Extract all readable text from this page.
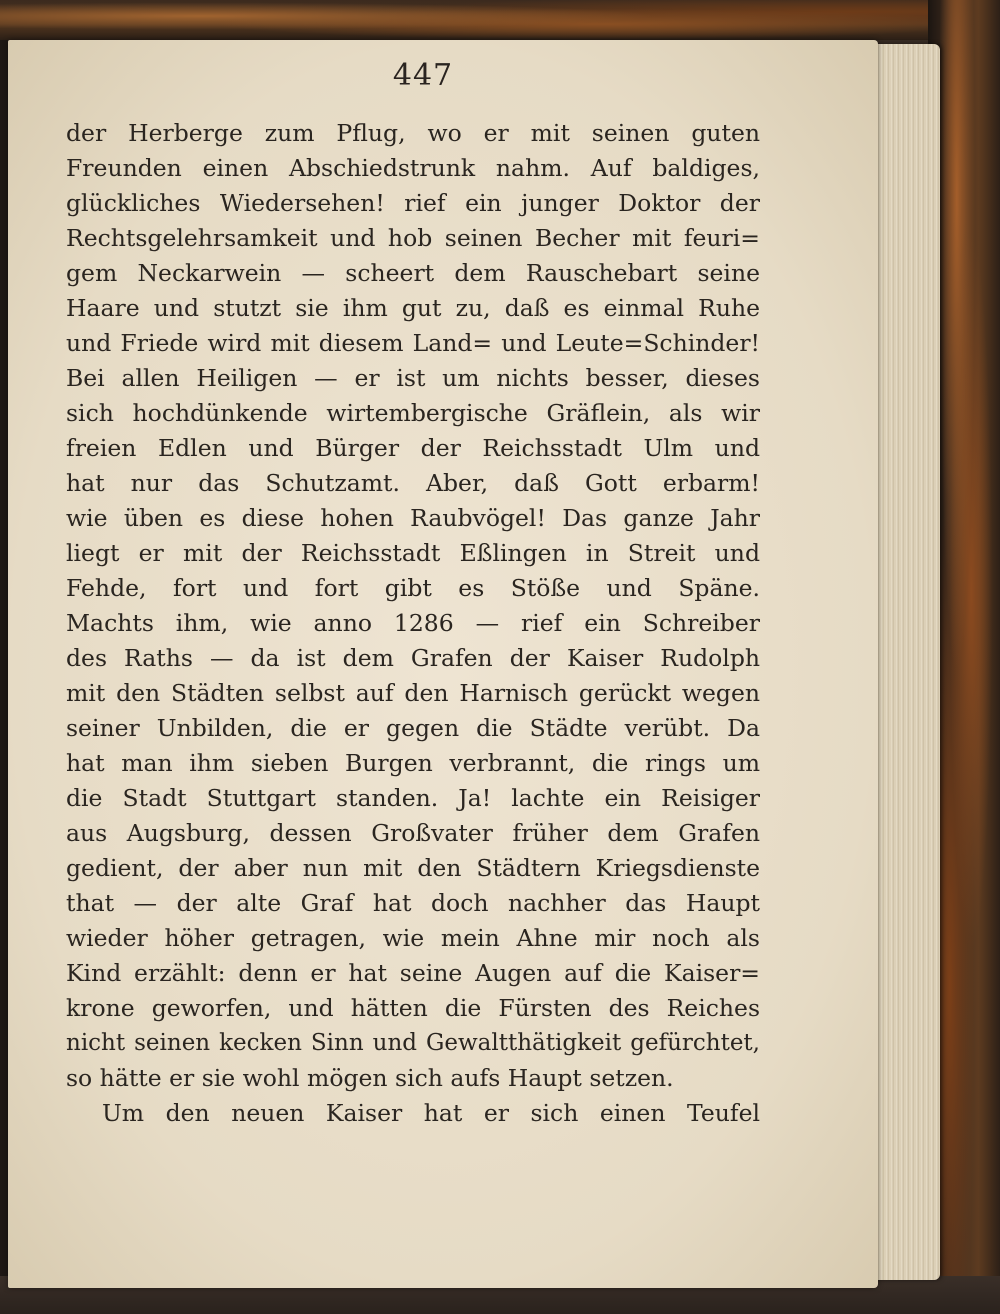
447
der Herberge zum Pflug, wo er mit seinen guten
Freunden einen Abschiedstrunk nahm. Auf baldiges,
glückliches Wiedersehen! rief ein junger Doktor der
Rechtsgelehrsamkeit und hob seinen Becher mit feuri=
gem Neckarwein — scheert dem Rauschebart seine
Haare und stutzt sie ihm gut zu, daß es einmal Ruhe
und Friede wird mit diesem Land= und Leute=Schinder!
Bei allen Heiligen — er ist um nichts besser, dieses
sich hochdünkende wirtembergische Gräflein, als wir
freien Edlen und Bürger der Reichsstadt Ulm und
hat nur das Schutzamt. Aber, daß Gott erbarm!
wie üben es diese hohen Raubvögel! Das ganze Jahr
liegt er mit der Reichsstadt Eßlingen in Streit und
Fehde, fort und fort gibt es Stöße und Späne.
Machts ihm, wie anno 1286 — rief ein Schreiber
des Raths — da ist dem Grafen der Kaiser Rudolph
mit den Städten selbst auf den Harnisch gerückt wegen
seiner Unbilden, die er gegen die Städte verübt. Da
hat man ihm sieben Burgen verbrannt, die rings um
die Stadt Stuttgart standen. Ja! lachte ein Reisiger
aus Augsburg, dessen Großvater früher dem Grafen
gedient, der aber nun mit den Städtern Kriegsdienste
that — der alte Graf hat doch nachher das Haupt
wieder höher getragen, wie mein Ahne mir noch als
Kind erzählt: denn er hat seine Augen auf die Kaiser=
krone geworfen, und hätten die Fürsten des Reiches
nicht seinen kecken Sinn und Gewaltthätigkeit gefürchtet,
so hätte er sie wohl mögen sich aufs Haupt setzen.
Um den neuen Kaiser hat er sich einen Teufel
